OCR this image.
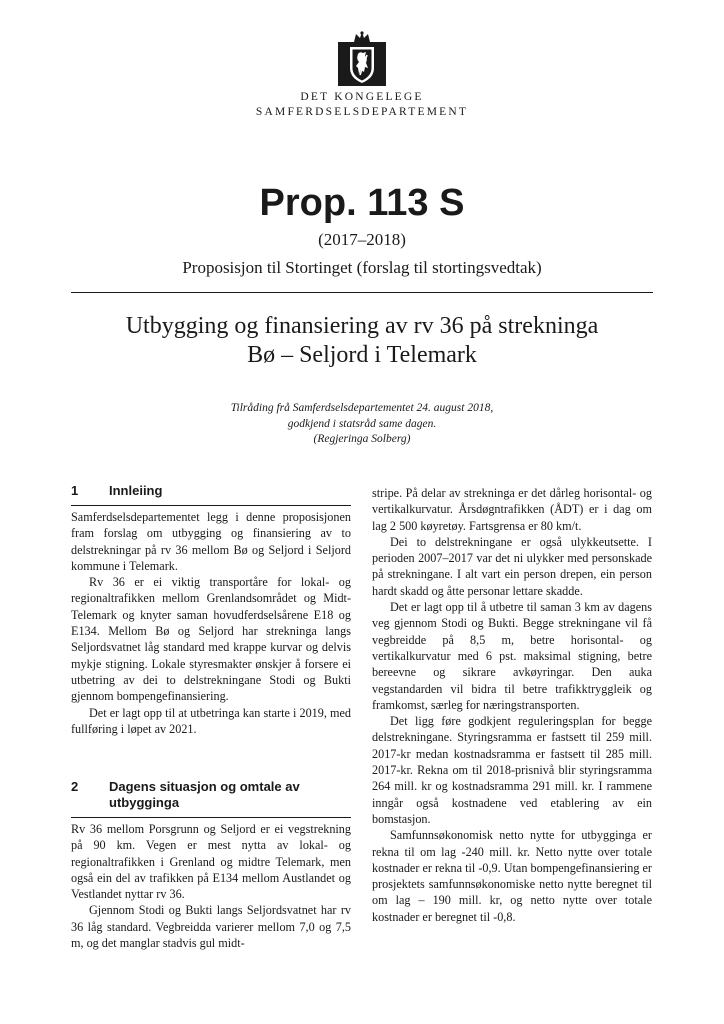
DET KONGELEGE
SAMFERDSELSDEPARTEMENT
Prop. 113 S
(2017–2018)
Proposisjon til Stortinget (forslag til stortingsvedtak)
Utbygging og finansiering av rv 36 på strekninga
Bø – Seljord i Telemark
Tilråding frå Samferdselsdepartementet 24. august 2018,
godkjend i statsråd same dagen.
(Regjeringa Solberg)
1 Innleiing

Samferdselsdepartementet legg i denne proposisjonen fram forslag om utbygging og finansiering av to delstrekningar på rv 36 mellom Bø og Seljord i Seljord kommune i Telemark.

Rv 36 er ei viktig transportåre for lokal- og regionaltrafikken mellom Grenlandsområdet og Midt-Telemark og knyter saman hovudferdselsårene E18 og E134. Mellom Bø og Seljord har strekninga langs Seljordsvatnet låg standard med krappe kurvar og delvis mykje stigning. Lokale styresmakter ønskjer å forsere ei utbetring av dei to delstrekningane Stodi og Bukti gjennom bompengefinansiering.

Det er lagt opp til at utbetringa kan starte i 2019, med fullføring i løpet av 2021.

2 Dagens situasjon og omtale av utbygginga

Rv 36 mellom Porsgrunn og Seljord er ei vegstrekning på 90 km. Vegen er mest nytta av lokal- og regionaltrafikken i Grenland og midtre Telemark, men også ein del av trafikken på E134 mellom Austlandet og Vestlandet nyttar rv 36.

Gjennom Stodi og Bukti langs Seljordsvatnet har rv 36 låg standard. Vegbreidda varierer mellom 7,0 og 7,5 m, og det manglar stadvis gul midt-

stripe. På delar av strekninga er det dårleg horisontal- og vertikalkurvatur. Årsdøgntrafikken (ÅDT) er i dag om lag 2 500 køyretøy. Fartsgrensa er 80 km/t.

Dei to delstrekningane er også ulykkeutsette. I perioden 2007–2017 var det ni ulykker med personskade på strekningane. I alt vart ein person drepen, ein person hardt skadd og åtte personar lettare skadde.

Det er lagt opp til å utbetre til saman 3 km av dagens veg gjennom Stodi og Bukti. Begge strekningane vil få vegbreidde på 8,5 m, betre horisontal- og vertikalkurvatur med 6 pst. maksimal stigning, betre bereevne og sikrare avkøyringar. Den auka vegstandarden vil bidra til betre trafikktryggleik og framkomst, særleg for næringstransporten.

Det ligg føre godkjent reguleringsplan for begge delstrekningane. Styringsramma er fastsett til 259 mill. 2017-kr medan kostnadsramma er fastsett til 285 mill. 2017-kr. Rekna om til 2018-prisnivå blir styringsramma 264 mill. kr og kostnadsramma 291 mill. kr. I rammene inngår også kostnadene ved etablering av ein bomstasjon.

Samfunnsøkonomisk netto nytte for utbygginga er rekna til om lag -240 mill. kr. Netto nytte over totale kostnader er rekna til -0,9. Utan bompengefinansiering er prosjektets samfunnsøkonomiske netto nytte beregnet til om lag – 190 mill. kr, og netto nytte over totale kostnader er beregnet til -0,8.
